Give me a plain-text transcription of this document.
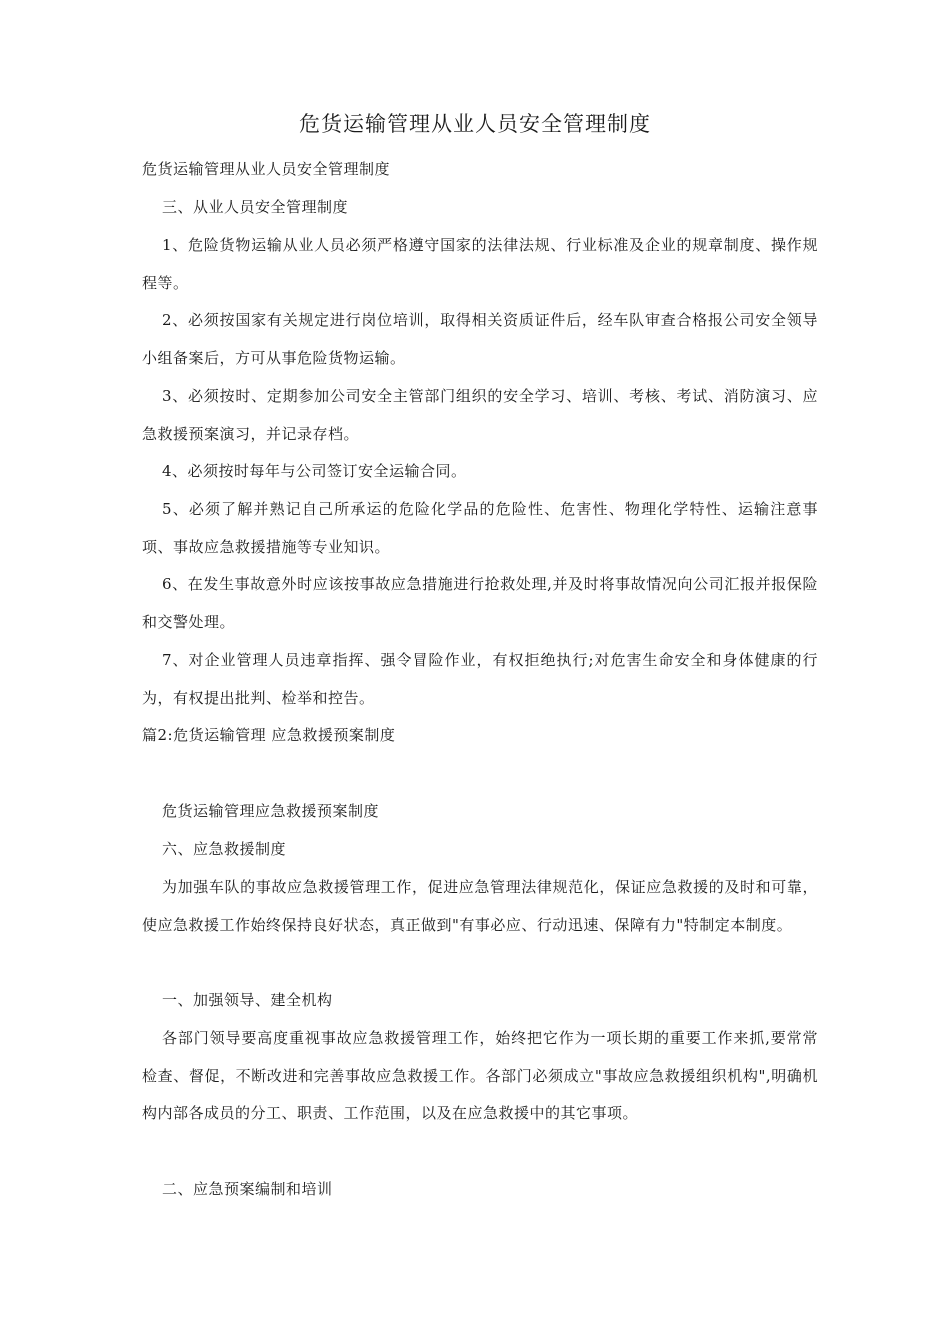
危货运输管理从业人员安全管理制度
危货运输管理从业人员安全管理制度
三、从业人员安全管理制度
1、危险货物运输从业人员必须严格遵守国家的法律法规、行业标准及企业的规章制度、操作规程等。
2、必须按国家有关规定进行岗位培训，取得相关资质证件后，经车队审查合格报公司安全领导小组备案后，方可从事危险货物运输。
3、必须按时、定期参加公司安全主管部门组织的安全学习、培训、考核、考试、消防演习、应急救援预案演习，并记录存档。
4、必须按时每年与公司签订安全运输合同。
5、必须了解并熟记自己所承运的危险化学品的危险性、危害性、物理化学特性、运输注意事项、事故应急救援措施等专业知识。
6、在发生事故意外时应该按事故应急措施进行抢救处理,并及时将事故情况向公司汇报并报保险和交警处理。
7、对企业管理人员违章指挥、强令冒险作业，有权拒绝执行;对危害生命安全和身体健康的行为，有权提出批判、检举和控告。
篇2:危货运输管理 应急救援预案制度
危货运输管理应急救援预案制度
六、应急救援制度
为加强车队的事故应急救援管理工作，促进应急管理法律规范化，保证应急救援的及时和可靠，使应急救援工作始终保持良好状态，真正做到"有事必应、行动迅速、保障有力"特制定本制度。
一、加强领导、建全机构
各部门领导要高度重视事故应急救援管理工作，始终把它作为一项长期的重要工作来抓,要常常检查、督促，不断改进和完善事故应急救援工作。各部门必须成立"事故应急救援组织机构",明确机构内部各成员的分工、职责、工作范围，以及在应急救援中的其它事项。
二、应急预案编制和培训
